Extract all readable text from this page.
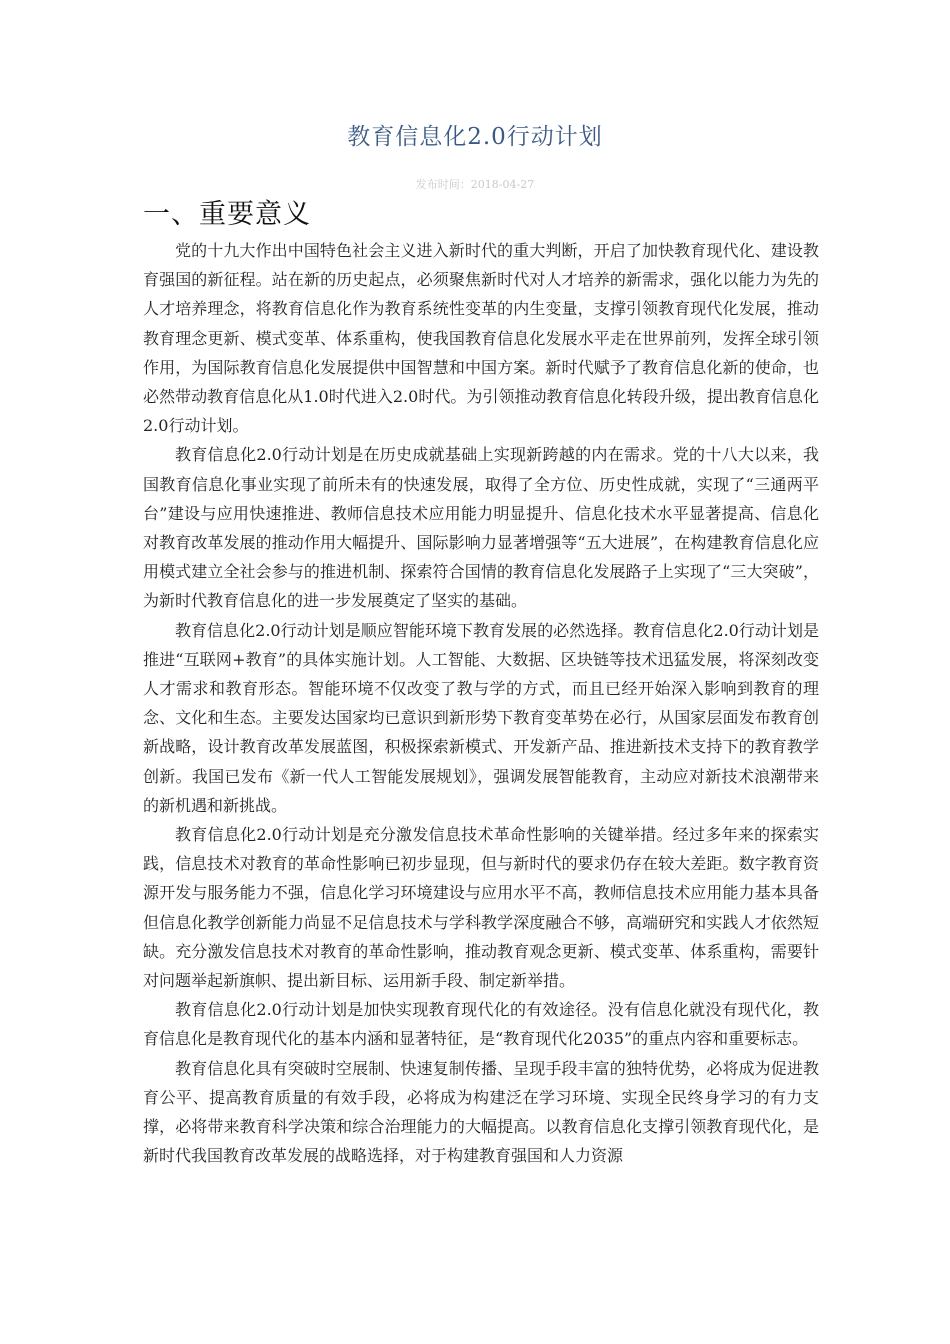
教育信息化2.0行动计划
发布时间：2018-04-27
一、重要意义

党的十九大作出中国特色社会主义进入新时代的重大判断，开启了加快教育现代化、建设教育强国的新征程。站在新的历史起点，必须聚焦新时代对人才培养的新需求，强化以能力为先的人才培养理念，将教育信息化作为教育系统性变革的内生变量，支撑引领教育现代化发展，推动教育理念更新、模式变革、体系重构，使我国教育信息化发展水平走在世界前列，发挥全球引领作用，为国际教育信息化发展提供中国智慧和中国方案。新时代赋予了教育信息化新的使命，也必然带动教育信息化从1.0时代进入2.0时代。为引领推动教育信息化转段升级，提出教育信息化2.0行动计划。

教育信息化2.0行动计划是在历史成就基础上实现新跨越的内在需求。党的十八大以来，我国教育信息化事业实现了前所未有的快速发展，取得了全方位、历史性成就，实现了“三通两平台”建设与应用快速推进、教师信息技术应用能力明显提升、信息化技术水平显著提高、信息化对教育改革发展的推动作用大幅提升、国际影响力显著增强等“五大进展”，在构建教育信息化应用模式建立全社会参与的推进机制、探索符合国情的教育信息化发展路子上实现了“三大突破”，为新时代教育信息化的进一步发展奠定了坚实的基础。

教育信息化2.0行动计划是顺应智能环境下教育发展的必然选择。教育信息化2.0行动计划是推进“互联网+教育”的具体实施计划。人工智能、大数据、区块链等技术迅猛发展，将深刻改变人才需求和教育形态。智能环境不仅改变了教与学的方式，而且已经开始深入影响到教育的理念、文化和生态。主要发达国家均已意识到新形势下教育变革势在必行，从国家层面发布教育创新战略，设计教育改革发展蓝图，积极探索新模式、开发新产品、推进新技术支持下的教育教学创新。我国已发布《新一代人工智能发展规划》，强调发展智能教育，主动应对新技术浪潮带来的新机遇和新挑战。

教育信息化2.0行动计划是充分激发信息技术革命性影响的关键举措。经过多年来的探索实践，信息技术对教育的革命性影响已初步显现，但与新时代的要求仍存在较大差距。数字教育资源开发与服务能力不强，信息化学习环境建设与应用水平不高，教师信息技术应用能力基本具备但信息化教学创新能力尚显不足信息技术与学科教学深度融合不够，高端研究和实践人才依然短缺。充分激发信息技术对教育的革命性影响，推动教育观念更新、模式变革、体系重构，需要针对问题举起新旗帜、提出新目标、运用新手段、制定新举措。

教育信息化2.0行动计划是加快实现教育现代化的有效途径。没有信息化就没有现代化，教育信息化是教育现代化的基本内涵和显著特征，是“教育现代化2035”的重点内容和重要标志。

教育信息化具有突破时空展制、快速复制传播、呈现手段丰富的独特优势，必将成为促进教育公平、提高教育质量的有效手段，必将成为构建泛在学习环境、实现全民终身学习的有力支撑，必将带来教育科学决策和综合治理能力的大幅提高。以教育信息化支撑引领教育现代化，是新时代我国教育改革发展的战略选择，对于构建教育强国和人力资源
